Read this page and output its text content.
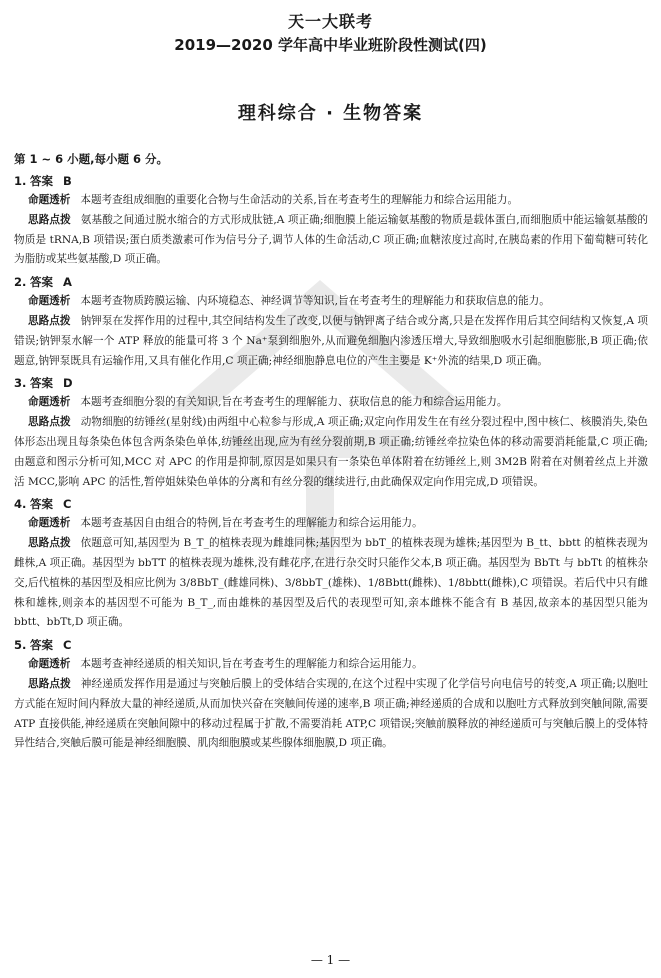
天一大联考
2019—2020 学年高中毕业班阶段性测试(四)
理科综合 · 生物答案
第 1 ~ 6 小题,每小题 6 分。
1. 答案 B

命题透析 本题考查组成细胞的重要化合物与生命活动的关系,旨在考查考生的理解能力和综合运用能力。

思路点拨 氨基酸之间通过脱水缩合的方式形成肽链,A 项正确;细胞膜上能运输氨基酸的物质是载体蛋白,而细胞质中能运输氨基酸的物质是 tRNA,B 项错误;蛋白质类激素可作为信号分子,调节人体的生命活动,C 项正确;血糖浓度过高时,在胰岛素的作用下葡萄糖可转化为脂肪或某些氨基酸,D 项正确。

2. 答案 A

命题透析 本题考查物质跨膜运输、内环境稳态、神经调节等知识,旨在考查考生的理解能力和获取信息的能力。

思路点拨 钠钾泵在发挥作用的过程中,其空间结构发生了改变,以便与钠钾离子结合或分离,只是在发挥作用后其空间结构又恢复,A 项错误;钠钾泵水解一个 ATP 释放的能量可将 3 个 Na⁺泵到细胞外,从而避免细胞内渗透压增大,导致细胞吸水引起细胞膨胀,B 项正确;依题意,钠钾泵既具有运输作用,又具有催化作用,C 项正确;神经细胞静息电位的产生主要是 K⁺外流的结果,D 项正确。

3. 答案 D

命题透析 本题考查细胞分裂的有关知识,旨在考查考生的理解能力、获取信息的能力和综合运用能力。

思路点拨 动物细胞的纺锤丝(星射线)由两组中心粒参与形成,A 项正确;双定向作用发生在有丝分裂过程中,图中核仁、核膜消失,染色体形态出现且每条染色体包含两条染色单体,纺锤丝出现,应为有丝分裂前期,B 项正确;纺锤丝牵拉染色体的移动需要消耗能量,C 项正确;由题意和图示分析可知,MCC 对 APC 的作用是抑制,原因是如果只有一条染色单体附着在纺锤丝上,则 3M2B 附着在对侧着丝点上并激活 MCC,影响 APC 的活性,暂停姐妹染色单体的分离和有丝分裂的继续进行,由此确保双定向作用完成,D 项错误。

4. 答案 C

命题透析 本题考查基因自由组合的特例,旨在考查考生的理解能力和综合运用能力。

思路点拨 依题意可知,基因型为 B_T_的植株表现为雌雄同株;基因型为 bbT_的植株表现为雄株;基因型为 B_tt、bbtt 的植株表现为雌株,A 项正确。基因型为 bbTT 的植株表现为雄株,没有雌花序,在进行杂交时只能作父本,B 项正确。基因型为 BbTt 与 bbTt 的植株杂交,后代植株的基因型及相应比例为 3/8BbT_(雌雄同株)、3/8bbT_(雄株)、1/8Bbtt(雌株)、1/8bbtt(雌株),C 项错误。若后代中只有雌株和雄株,则亲本的基因型不可能为 B_T_,而由雄株的基因型及后代的表现型可知,亲本雌株不能含有 B 基因,故亲本的基因型只能为 bbtt、bbTt,D 项正确。

5. 答案 C

命题透析 本题考查神经递质的相关知识,旨在考查考生的理解能力和综合运用能力。

思路点拨 神经递质发挥作用是通过与突触后膜上的受体结合实现的,在这个过程中实现了化学信号向电信号的转变,A 项正确;以胞吐方式能在短时间内释放大量的神经递质,从而加快兴奋在突触间传递的速率,B 项正确;神经递质的合成和以胞吐方式释放到突触间隙,需要 ATP 直接供能,神经递质在突触间隙中的移动过程属于扩散,不需要消耗 ATP,C 项错误;突触前膜释放的神经递质可与突触后膜上的受体特异性结合,突触后膜可能是神经细胞膜、肌肉细胞膜或某些腺体细胞膜,D 项正确。

— 1 —
